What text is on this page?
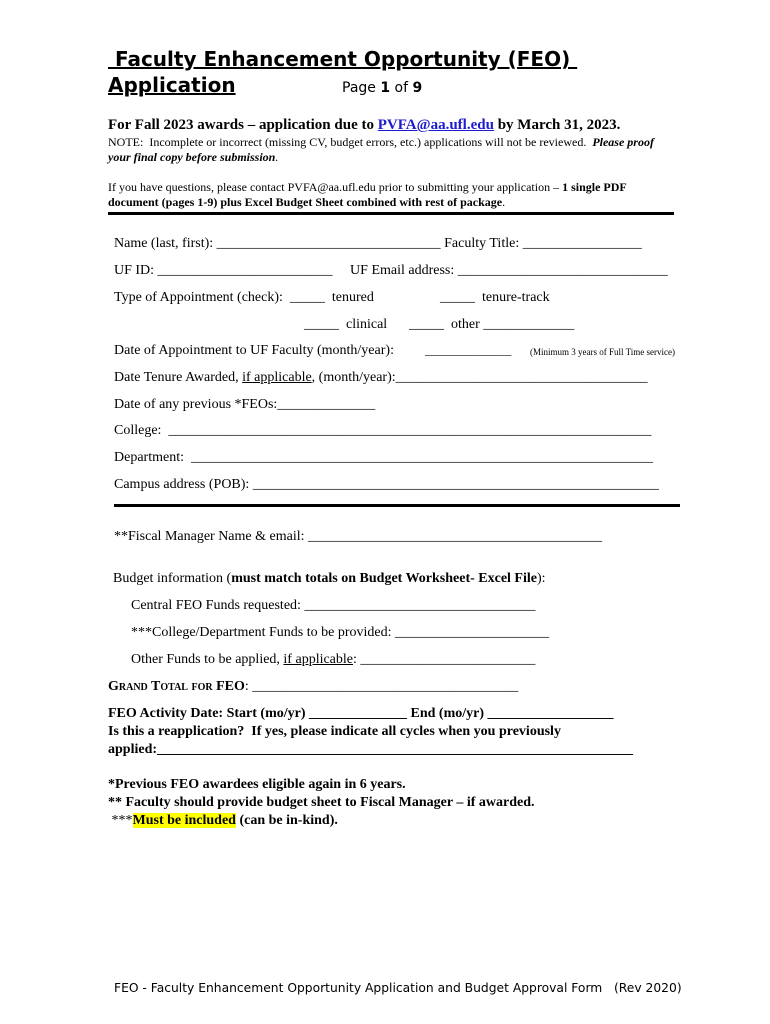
Faculty Enhancement Opportunity (FEO)
Application	Page 1 of 9
For Fall 2023 awards – application due to PVFA@aa.ufl.edu by March 31, 2023.
NOTE:  Incomplete or incorrect (missing CV, budget errors, etc.) applications will not be reviewed.  Please proof
your final copy before submission.
If you have questions, please contact PVFA@aa.ufl.edu prior to submitting your application – 1 single PDF
document (pages 1-9) plus Excel Budget Sheet combined with rest of package.
Name (last, first): ________________________________ Faculty Title: _________________
UF ID: _________________________     UF Email address: ______________________________
Type of Appointment (check):  _____  tenured	_____  tenure-track
_____  clinical _____  other _____________
Date of Appointment to UF Faculty (month/year):	_______________ (Minimum 3 years of Full Time service)
Date Tenure Awarded, if applicable, (month/year):____________________________________
Date of any previous *FEOs:______________
College:  _____________________________________________________________________
Department:  __________________________________________________________________
Campus address (POB): __________________________________________________________
**Fiscal Manager Name & email: __________________________________________
Budget information (must match totals on Budget Worksheet- Excel File):
Central FEO Funds requested: _________________________________
***College/Department Funds to be provided: ______________________
Other Funds to be applied, if applicable: _________________________
Grand Total for FEO: ______________________________________
FEO Activity Date: Start (mo/yr) ______________ End (mo/yr) __________________
Is this a reapplication?  If yes, please indicate all cycles when you previously
applied:____________________________________________________________________
*Previous FEO awardees eligible again in 6 years.
** Faculty should provide budget sheet to Fiscal Manager – if awarded.
***Must be included (can be in-kind).
FEO - Faculty Enhancement Opportunity Application and Budget Approval Form   (Rev 2020)
